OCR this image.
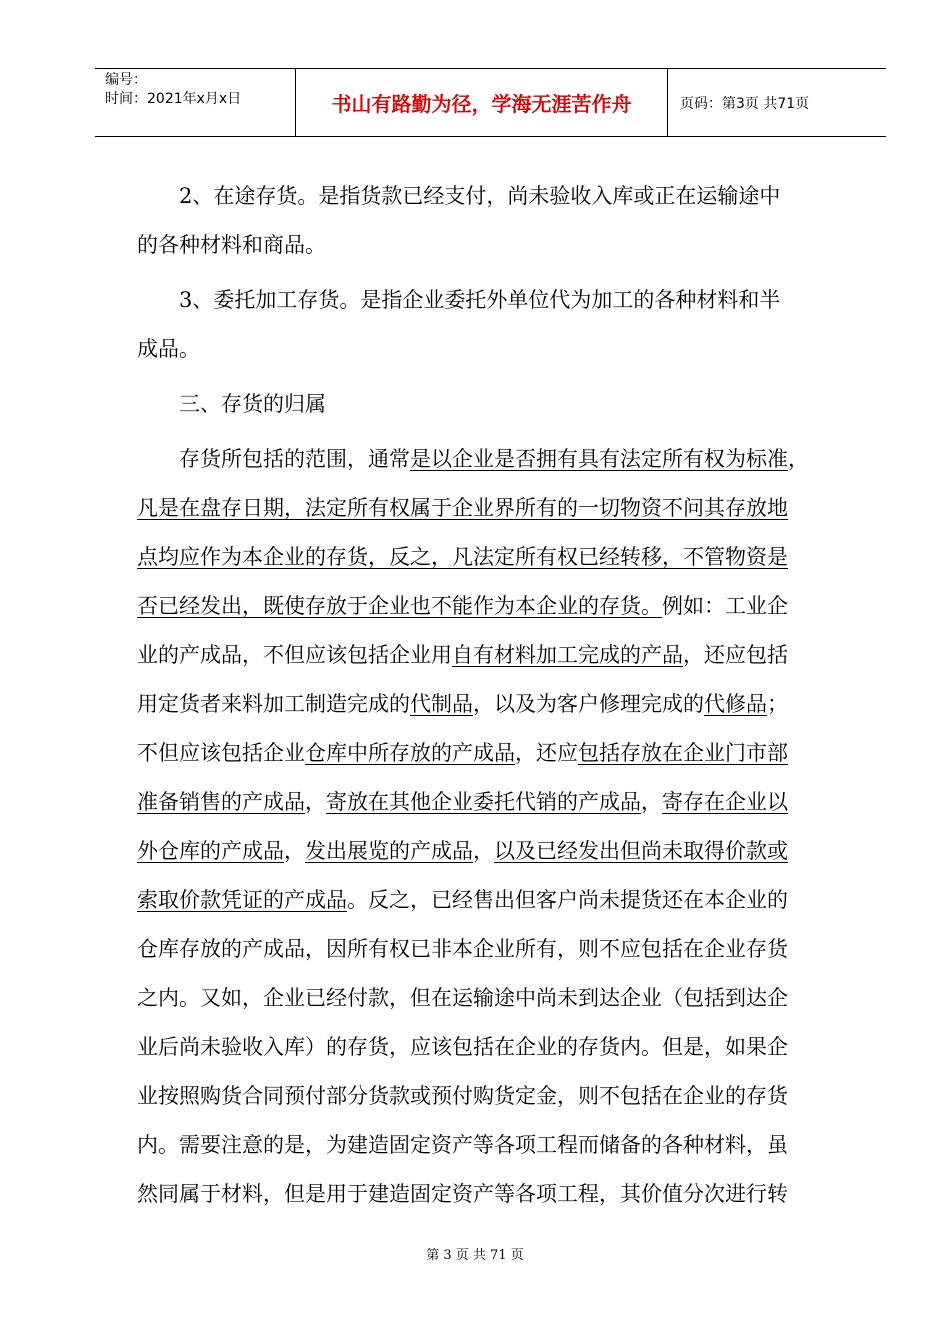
编号：
时间：2021年x月x日	书山有路勤为径，学海无涯苦作舟	页码：第3页 共71页
　　2、在途存货。是指货款已经支付，尚未验收入库或正在运输途中
的各种材料和商品。
　　3、委托加工存货。是指企业委托外单位代为加工的各种材料和半
成品。
　　三、存货的归属
　　存货所包括的范围，通常是以企业是否拥有具有法定所有权为标准，
凡是在盘存日期，法定所有权属于企业界所有的一切物资不问其存放地
点均应作为本企业的存货，反之，凡法定所有权已经转移，不管物资是
否已经发出，既使存放于企业也不能作为本企业的存货。例如：工业企
业的产成品，不但应该包括企业用自有材料加工完成的产品，还应包括
用定货者来料加工制造完成的代制品，以及为客户修理完成的代修品；
不但应该包括企业仓库中所存放的产成品，还应包括存放在企业门市部
准备销售的产成品，寄放在其他企业委托代销的产成品，寄存在企业以
外仓库的产成品，发出展览的产成品，以及已经发出但尚未取得价款或
索取价款凭证的产成品。反之，已经售出但客户尚未提货还在本企业的
仓库存放的产成品，因所有权已非本企业所有，则不应包括在企业存货
之内。又如，企业已经付款，但在运输途中尚未到达企业（包括到达企
业后尚未验收入库）的存货，应该包括在企业的存货内。但是，如果企
业按照购货合同预付部分货款或预付购货定金，则不包括在企业的存货
内。需要注意的是，为建造固定资产等各项工程而储备的各种材料，虽
然同属于材料，但是用于建造固定资产等各项工程，其价值分次进行转
第 3 页 共 71 页
